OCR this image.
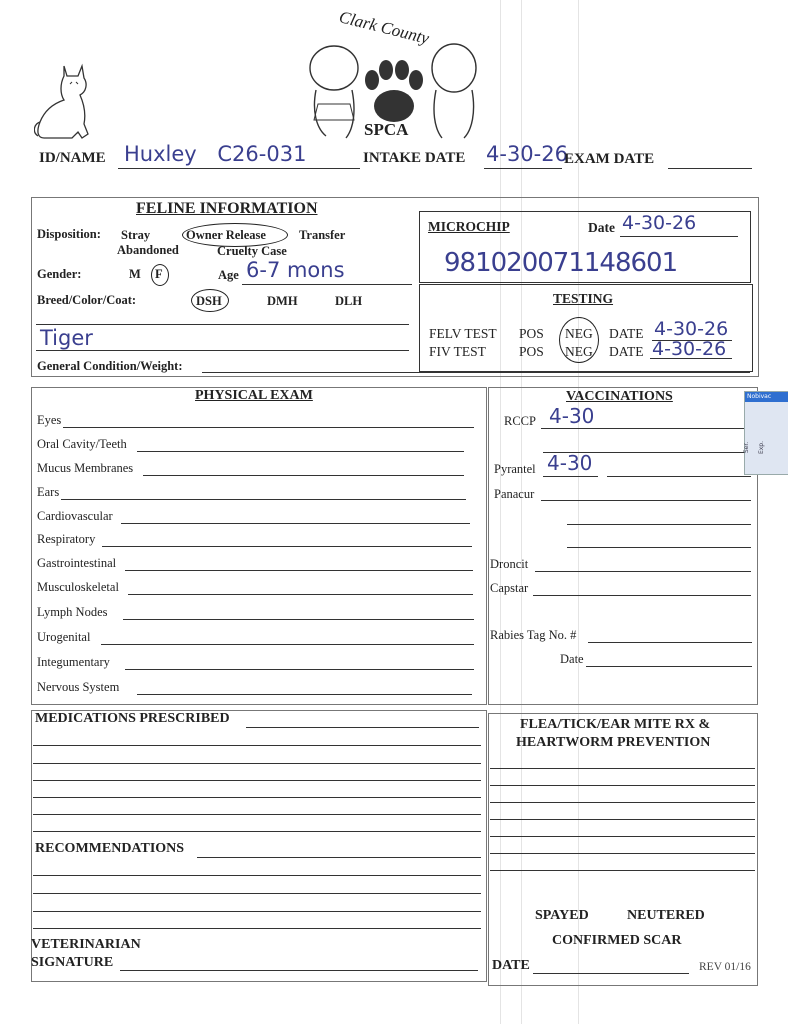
Clark County
SPCA
ID/NAME Huxley C26-031	INTAKE DATE 4-30-26
EXAM DATE
FELINE INFORMATION
Disposition: Stray	Owner Release	Transfer
Abandoned	Cruelty Case
Gender:	M F	Age 6-7 mons
Breed/Color/Coat:	DSH	DMH	DLH
Tiger
General Condition/Weight:
MICROCHIP	Date 4-30-26
981020071148601
TESTING
FELV TEST POS NEG DATE 4-30-26
FIV TEST POS NEG DATE 4-30-26
PHYSICAL EXAM
Eyes
Oral Cavity/Teeth
Mucus Membranes
Ears
Cardiovascular
Respiratory
Gastrointestinal
Musculoskeletal
Lymph Nodes
Urogenital
Integumentary
Nervous System
VACCINATIONS
RCCP 4-30
Pyrantel 4-30
Panacur
Droncit
Capstar
Rabies Tag No. #
Date
Nobivac
Ser. Exp.
MEDICATIONS PRESCRIBED
RECOMMENDATIONS
VETERINARIAN
SIGNATURE
FLEA/TICK/EAR MITE RX &
HEARTWORM PREVENTION
SPAYED	NEUTERED
CONFIRMED SCAR
DATE	REV 01/16
